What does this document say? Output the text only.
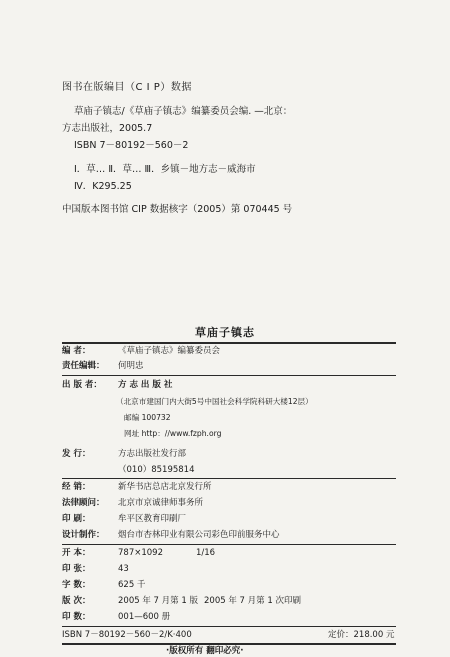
图书在版编目（C I P）数据
草庙子镇志/《草庙子镇志》编纂委员会编. —北京：
方志出版社，2005.7
ISBN 7－80192－560－2
Ⅰ．草… Ⅱ．草… Ⅲ．乡镇－地方志－威海市
Ⅳ．K295.25
中国版本图书馆 CIP 数据核字（2005）第 070445 号
草庙子镇志
编 者：	《草庙子镇志》编纂委员会
责任编辑： 何明忠
出 版 者： 方 志 出 版 社
（北京市建国门内大街5号中国社会科学院科研大楼12层）
邮编 100732
网址 http：//www.fzph.org
发 行：	方志出版社发行部
（010）85195814
经 销：	新华书店总店北京发行所
法律顾问： 北京市京诚律师事务所
印 刷：	牟平区教育印刷厂
设计制作： 烟台市杏林印业有限公司彩色印前服务中心
开 本：	787×1092	1/16
印 张：	43
字 数：	625 千
版 次：	2005 年 7 月第 1 版 2005 年 7 月第 1 次印刷
印 数：	001—600 册
ISBN 7－80192－560－2/K·400	定价：218.00 元
·版权所有 翻印必究·
